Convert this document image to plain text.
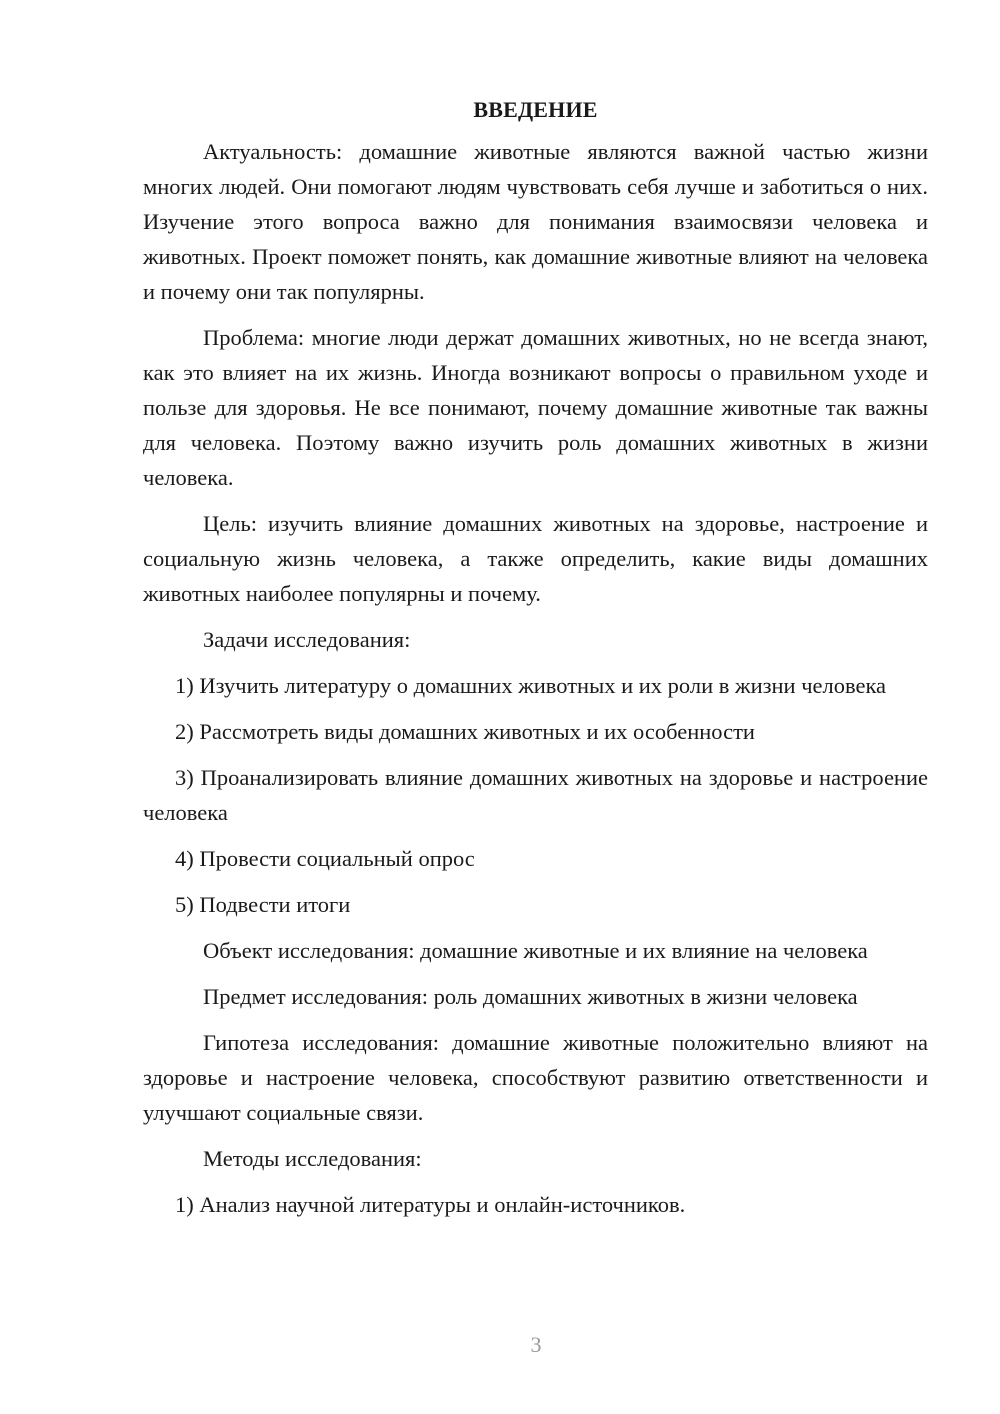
ВВЕДЕНИЕ

Актуальность: домашние животные являются важной частью жизни многих людей. Они помогают людям чувствовать себя лучше и заботиться о них. Изучение этого вопроса важно для понимания взаимосвязи человека и животных. Проект поможет понять, как домашние животные влияют на человека и почему они так популярны.

Проблема: многие люди держат домашних животных, но не всегда знают, как это влияет на их жизнь. Иногда возникают вопросы о правильном уходе и пользе для здоровья. Не все понимают, почему домашние животные так важны для человека. Поэтому важно изучить роль домашних животных в жизни человека.

Цель: изучить влияние домашних животных на здоровье, настроение и социальную жизнь человека, а также определить, какие виды домашних животных наиболее популярны и почему.

Задачи исследования:

1) Изучить литературу о домашних животных и их роли в жизни человека

2) Рассмотреть виды домашних животных и их особенности

3) Проанализировать влияние домашних животных на здоровье и настроение человека

4) Провести социальный опрос

5) Подвести итоги

Объект исследования: домашние животные и их влияние на человека

Предмет исследования: роль домашних животных в жизни человека

Гипотеза исследования: домашние животные положительно влияют на здоровье и настроение человека, способствуют развитию ответственности и улучшают социальные связи.

Методы исследования:

1) Анализ научной литературы и онлайн-источников.

3
